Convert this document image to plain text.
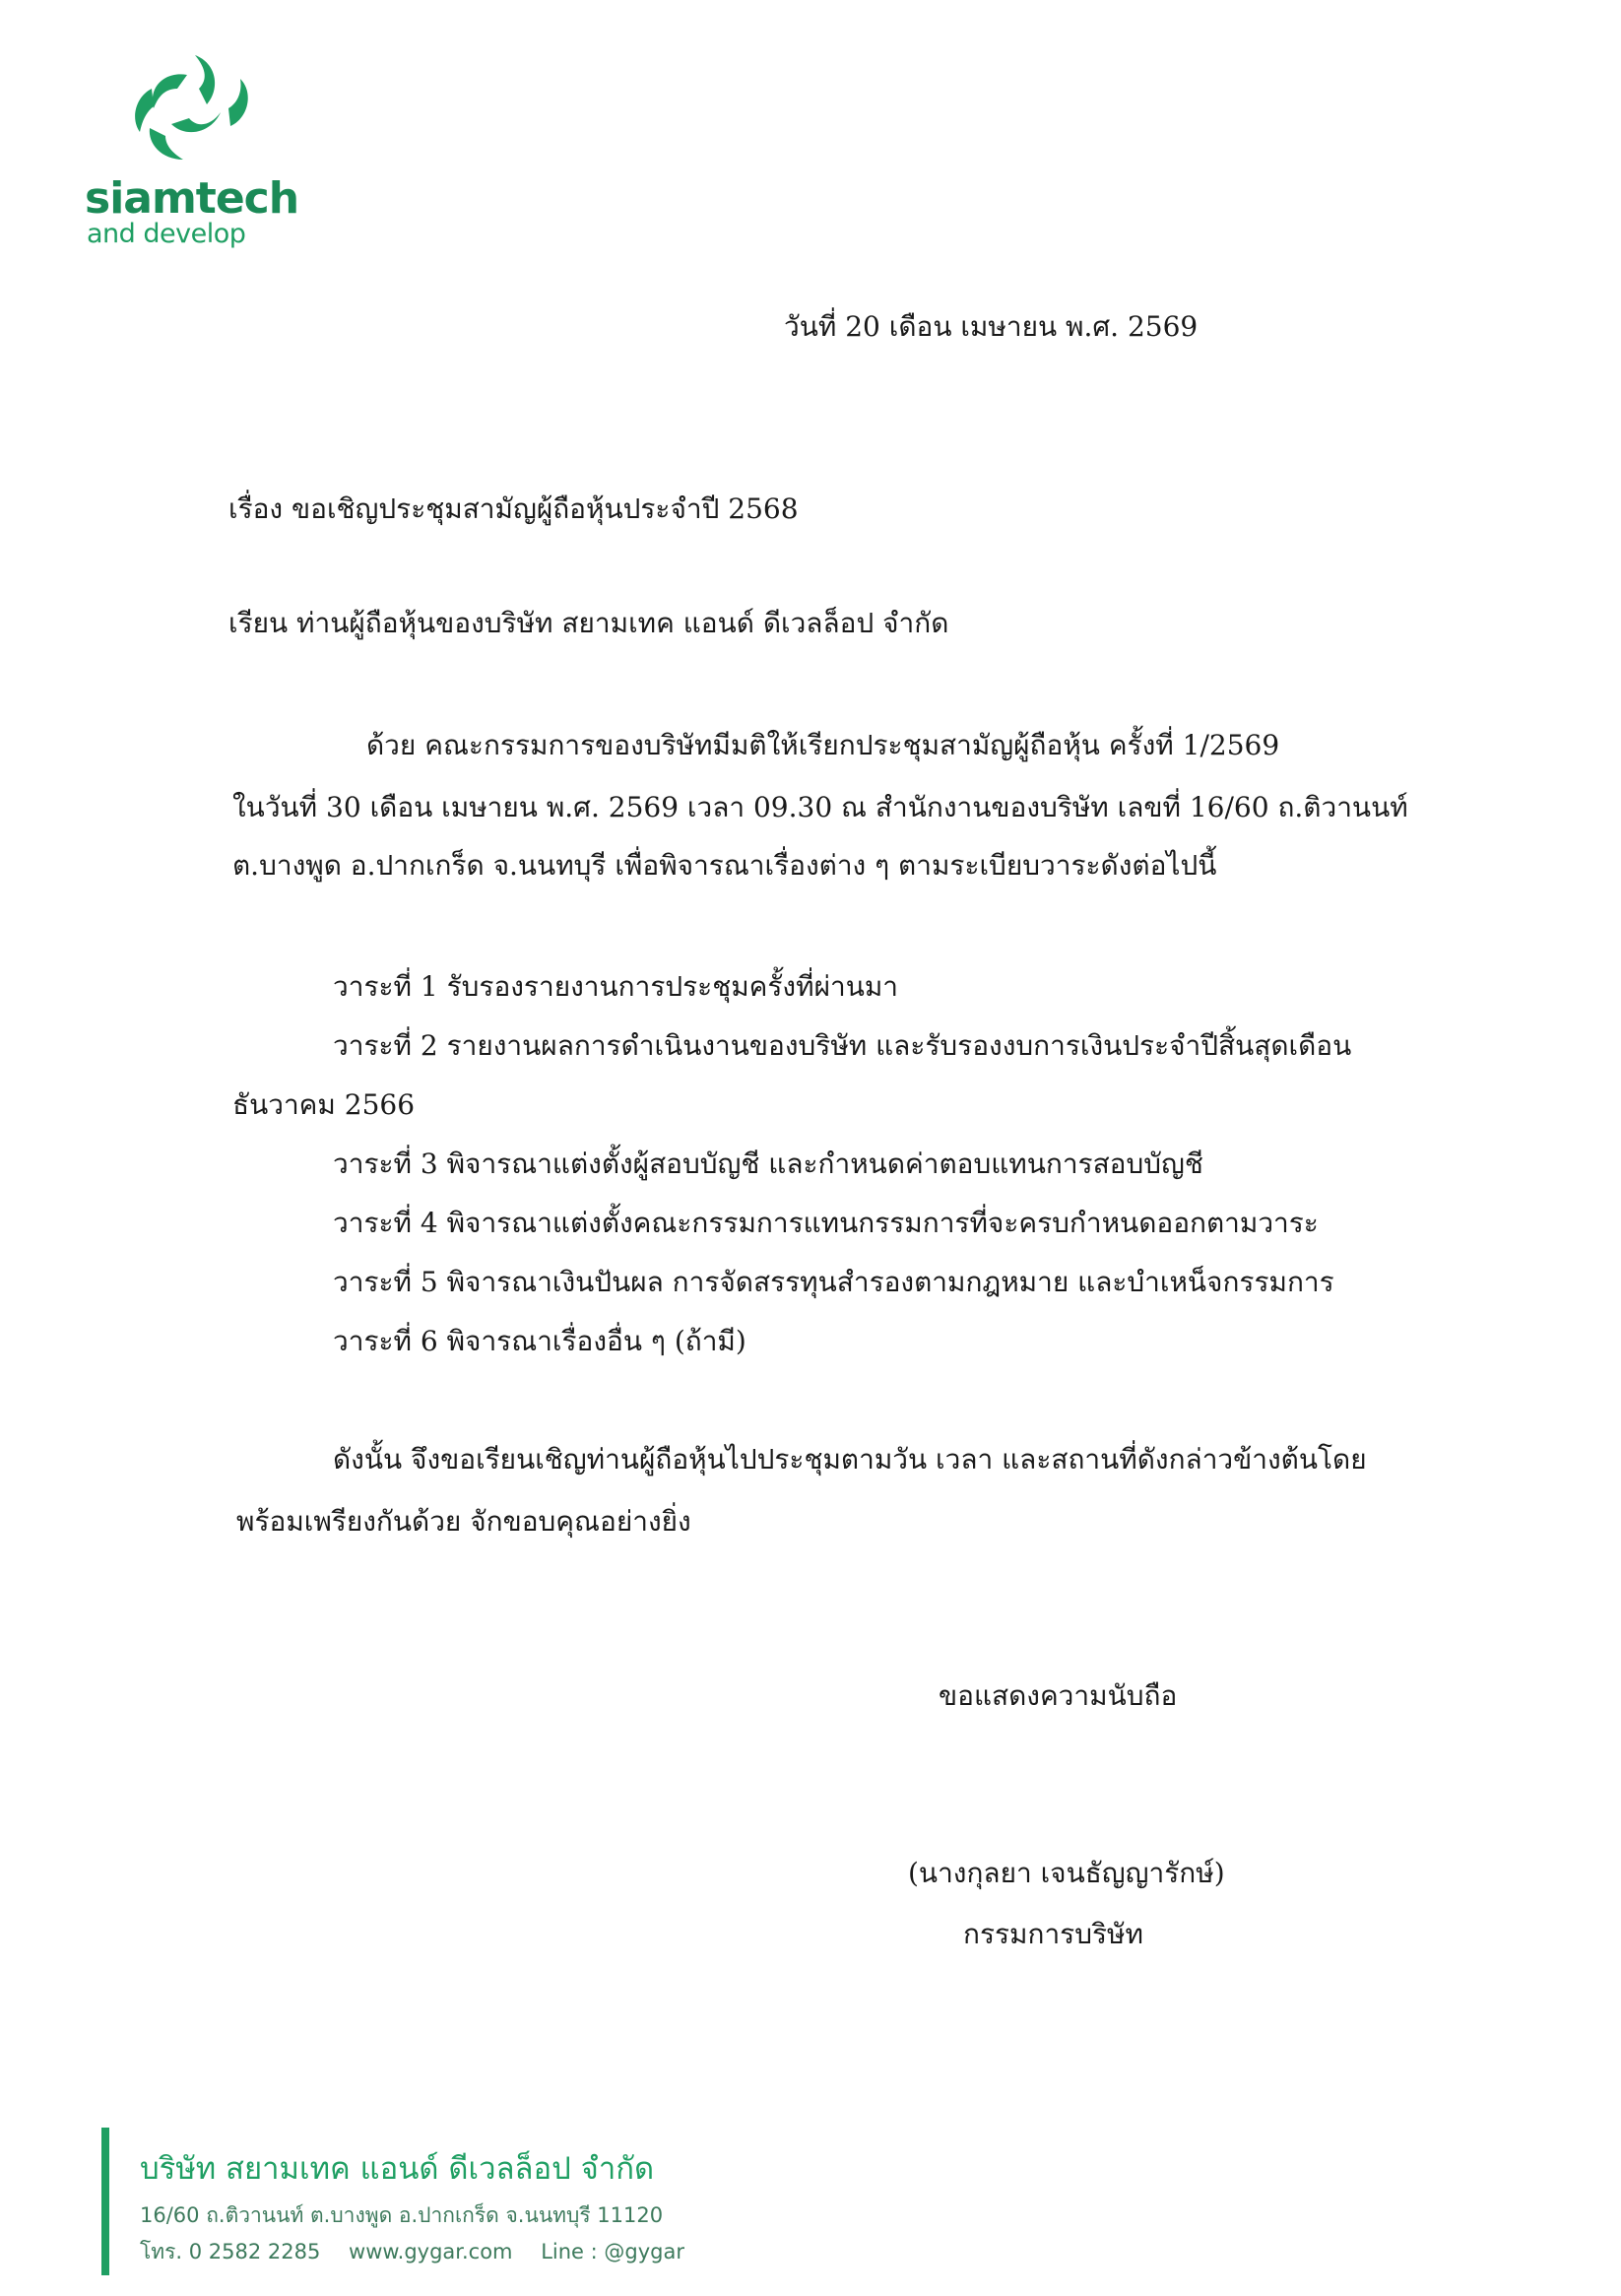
siamtech
and develop
วันที่ 20 เดือน เมษายน พ.ศ. 2569
เรื่อง ขอเชิญประชุมสามัญผู้ถือหุ้นประจำปี 2568
เรียน ท่านผู้ถือหุ้นของบริษัท สยามเทค แอนด์ ดีเวลล็อป จำกัด
ด้วย คณะกรรมการของบริษัทมีมติให้เรียกประชุมสามัญผู้ถือหุ้น ครั้งที่ 1/2569
ในวันที่ 30 เดือน เมษายน พ.ศ. 2569 เวลา 09.30 ณ สำนักงานของบริษัท เลขที่ 16/60 ถ.ติวานนท์
ต.บางพูด อ.ปากเกร็ด จ.นนทบุรี เพื่อพิจารณาเรื่องต่าง ๆ ตามระเบียบวาระดังต่อไปนี้
วาระที่ 1 รับรองรายงานการประชุมครั้งที่ผ่านมา
วาระที่ 2 รายงานผลการดำเนินงานของบริษัท และรับรองงบการเงินประจำปีสิ้นสุดเดือน
ธันวาคม 2566
วาระที่ 3 พิจารณาแต่งตั้งผู้สอบบัญชี และกำหนดค่าตอบแทนการสอบบัญชี
วาระที่ 4 พิจารณาแต่งตั้งคณะกรรมการแทนกรรมการที่จะครบกำหนดออกตามวาระ
วาระที่ 5 พิจารณาเงินปันผล การจัดสรรทุนสำรองตามกฎหมาย และบำเหน็จกรรมการ
วาระที่ 6 พิจารณาเรื่องอื่น ๆ (ถ้ามี)
ดังนั้น จึงขอเรียนเชิญท่านผู้ถือหุ้นไปประชุมตามวัน เวลา และสถานที่ดังกล่าวข้างต้นโดย
พร้อมเพรียงกันด้วย จักขอบคุณอย่างยิ่ง
ขอแสดงความนับถือ
(นางกุลยา เจนธัญญารักษ์)
กรรมการบริษัท
บริษัท สยามเทค แอนด์ ดีเวลล็อป จำกัด
16/60 ถ.ติวานนท์ ต.บางพูด อ.ปากเกร็ด จ.นนทบุรี 11120
โทร. 0 2582 2285 www.gygar.com Line : @gygar
